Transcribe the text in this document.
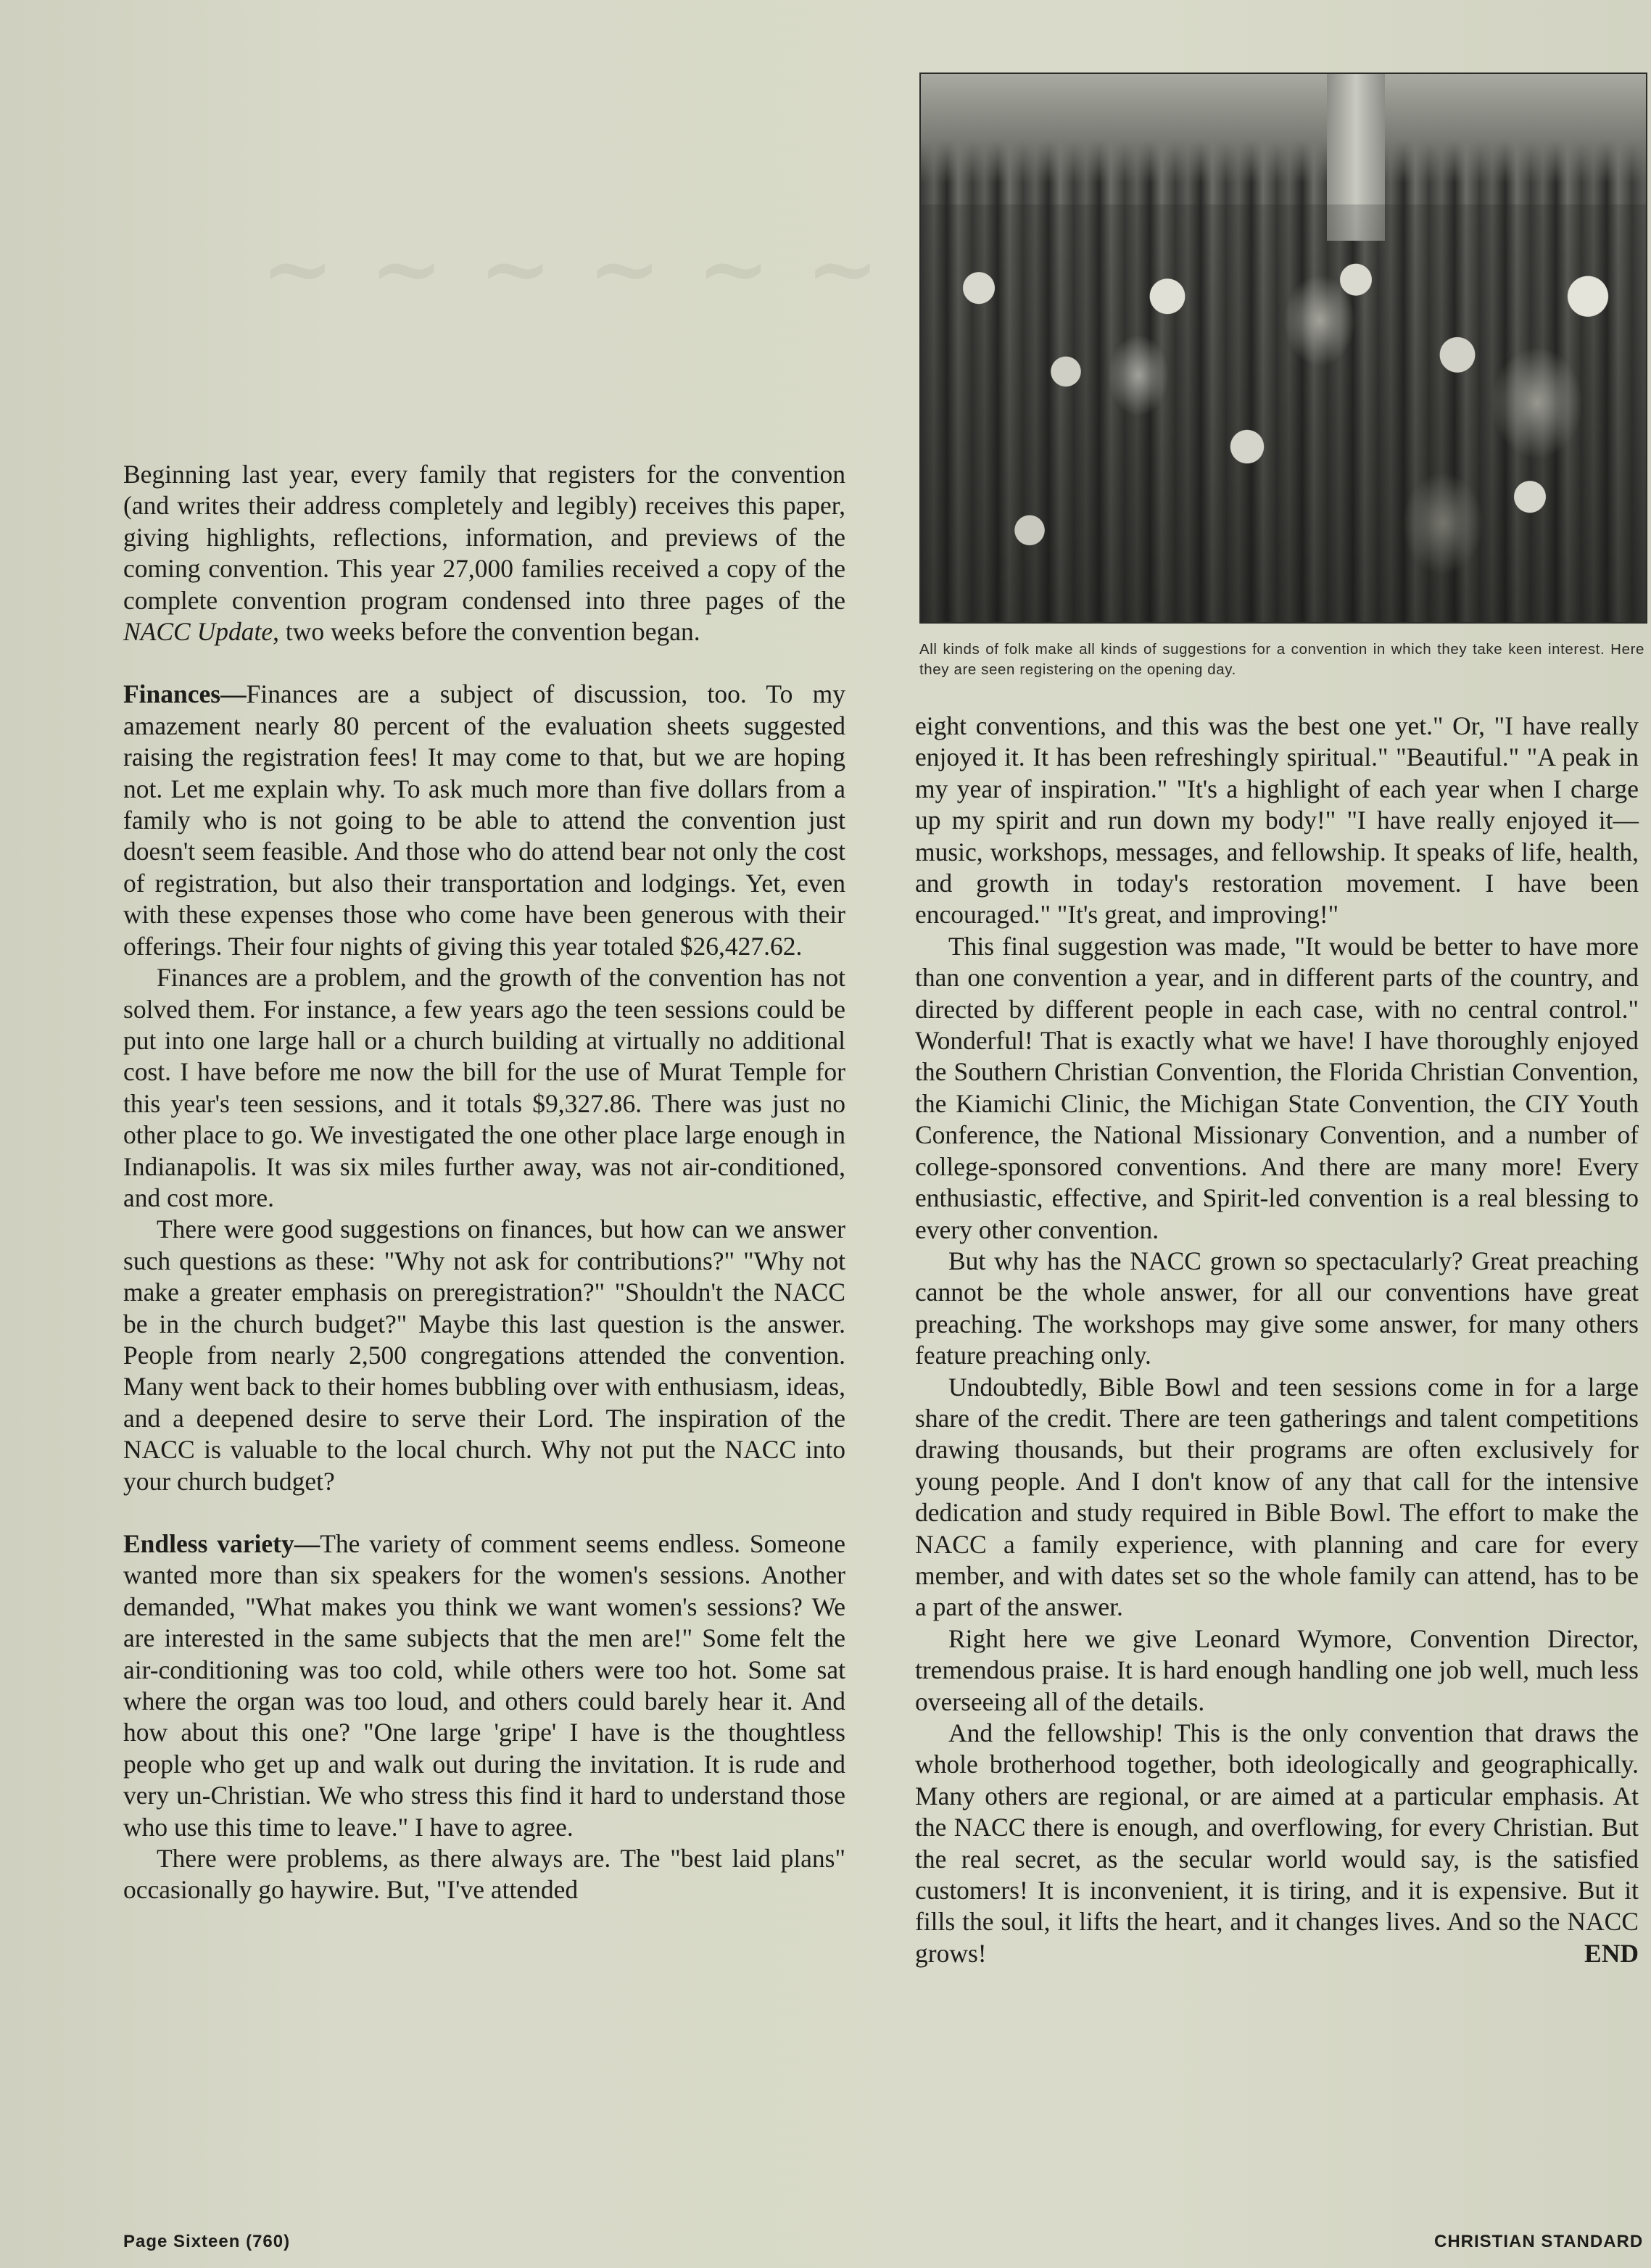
~ ~ ~ ~ ~ ~
All kinds of folk make all kinds of suggestions for a convention in which they take keen interest. Here they are seen registering on the opening day.

Beginning last year, every family that registers for the convention (and writes their address completely and legibly) receives this paper, giving highlights, reflections, information, and previews of the coming convention. This year 27,000 families received a copy of the complete convention program condensed into three pages of the NACC Update, two weeks before the convention began.

Finances—Finances are a subject of discussion, too. To my amazement nearly 80 percent of the evaluation sheets suggested raising the registration fees! It may come to that, but we are hoping not. Let me explain why. To ask much more than five dollars from a family who is not going to be able to attend the convention just doesn't seem feasible. And those who do attend bear not only the cost of registration, but also their transportation and lodgings. Yet, even with these expenses those who come have been generous with their offerings. Their four nights of giving this year totaled $26,427.62.

Finances are a problem, and the growth of the convention has not solved them. For instance, a few years ago the teen sessions could be put into one large hall or a church building at virtually no additional cost. I have before me now the bill for the use of Murat Temple for this year's teen sessions, and it totals $9,327.86. There was just no other place to go. We investigated the one other place large enough in Indianapolis. It was six miles further away, was not air-conditioned, and cost more.

There were good suggestions on finances, but how can we answer such questions as these: "Why not ask for contributions?" "Why not make a greater emphasis on preregistration?" "Shouldn't the NACC be in the church budget?" Maybe this last question is the answer. People from nearly 2,500 congregations attended the convention. Many went back to their homes bubbling over with enthusiasm, ideas, and a deepened desire to serve their Lord. The inspiration of the NACC is valuable to the local church. Why not put the NACC into your church budget?

Endless variety—The variety of comment seems endless. Someone wanted more than six speakers for the women's sessions. Another demanded, "What makes you think we want women's sessions? We are interested in the same subjects that the men are!" Some felt the air-conditioning was too cold, while others were too hot. Some sat where the organ was too loud, and others could barely hear it. And how about this one? "One large 'gripe' I have is the thoughtless people who get up and walk out during the invitation. It is rude and very un-Christian. We who stress this find it hard to understand those who use this time to leave." I have to agree.

There were problems, as there always are. The "best laid plans" occasionally go haywire. But, "I've attended

eight conventions, and this was the best one yet." Or, "I have really enjoyed it. It has been refreshingly spiritual." "Beautiful." "A peak in my year of inspiration." "It's a highlight of each year when I charge up my spirit and run down my body!" "I have really enjoyed it—music, workshops, messages, and fellowship. It speaks of life, health, and growth in today's restoration movement. I have been encouraged." "It's great, and improving!"

This final suggestion was made, "It would be better to have more than one convention a year, and in different parts of the country, and directed by different people in each case, with no central control." Wonderful! That is exactly what we have! I have thoroughly enjoyed the Southern Christian Convention, the Florida Christian Convention, the Kiamichi Clinic, the Michigan State Convention, the CIY Youth Conference, the National Missionary Convention, and a number of college-sponsored conventions. And there are many more! Every enthusiastic, effective, and Spirit-led convention is a real blessing to every other convention.

But why has the NACC grown so spectacularly? Great preaching cannot be the whole answer, for all our conventions have great preaching. The workshops may give some answer, for many others feature preaching only.

Undoubtedly, Bible Bowl and teen sessions come in for a large share of the credit. There are teen gatherings and talent competitions drawing thousands, but their programs are often exclusively for young people. And I don't know of any that call for the intensive dedication and study required in Bible Bowl. The effort to make the NACC a family experience, with planning and care for every member, and with dates set so the whole family can attend, has to be a part of the answer.

Right here we give Leonard Wymore, Convention Director, tremendous praise. It is hard enough handling one job well, much less overseeing all of the details.

And the fellowship! This is the only convention that draws the whole brotherhood together, both ideologically and geographically. Many others are regional, or are aimed at a particular emphasis. At the NACC there is enough, and overflowing, for every Christian. But the real secret, as the secular world would say, is the satisfied customers! It is inconvenient, it is tiring, and it is expensive. But it fills the soul, it lifts the heart, and it changes lives. And so the NACC grows!	END

Page Sixteen (760)	CHRISTIAN STANDARD
